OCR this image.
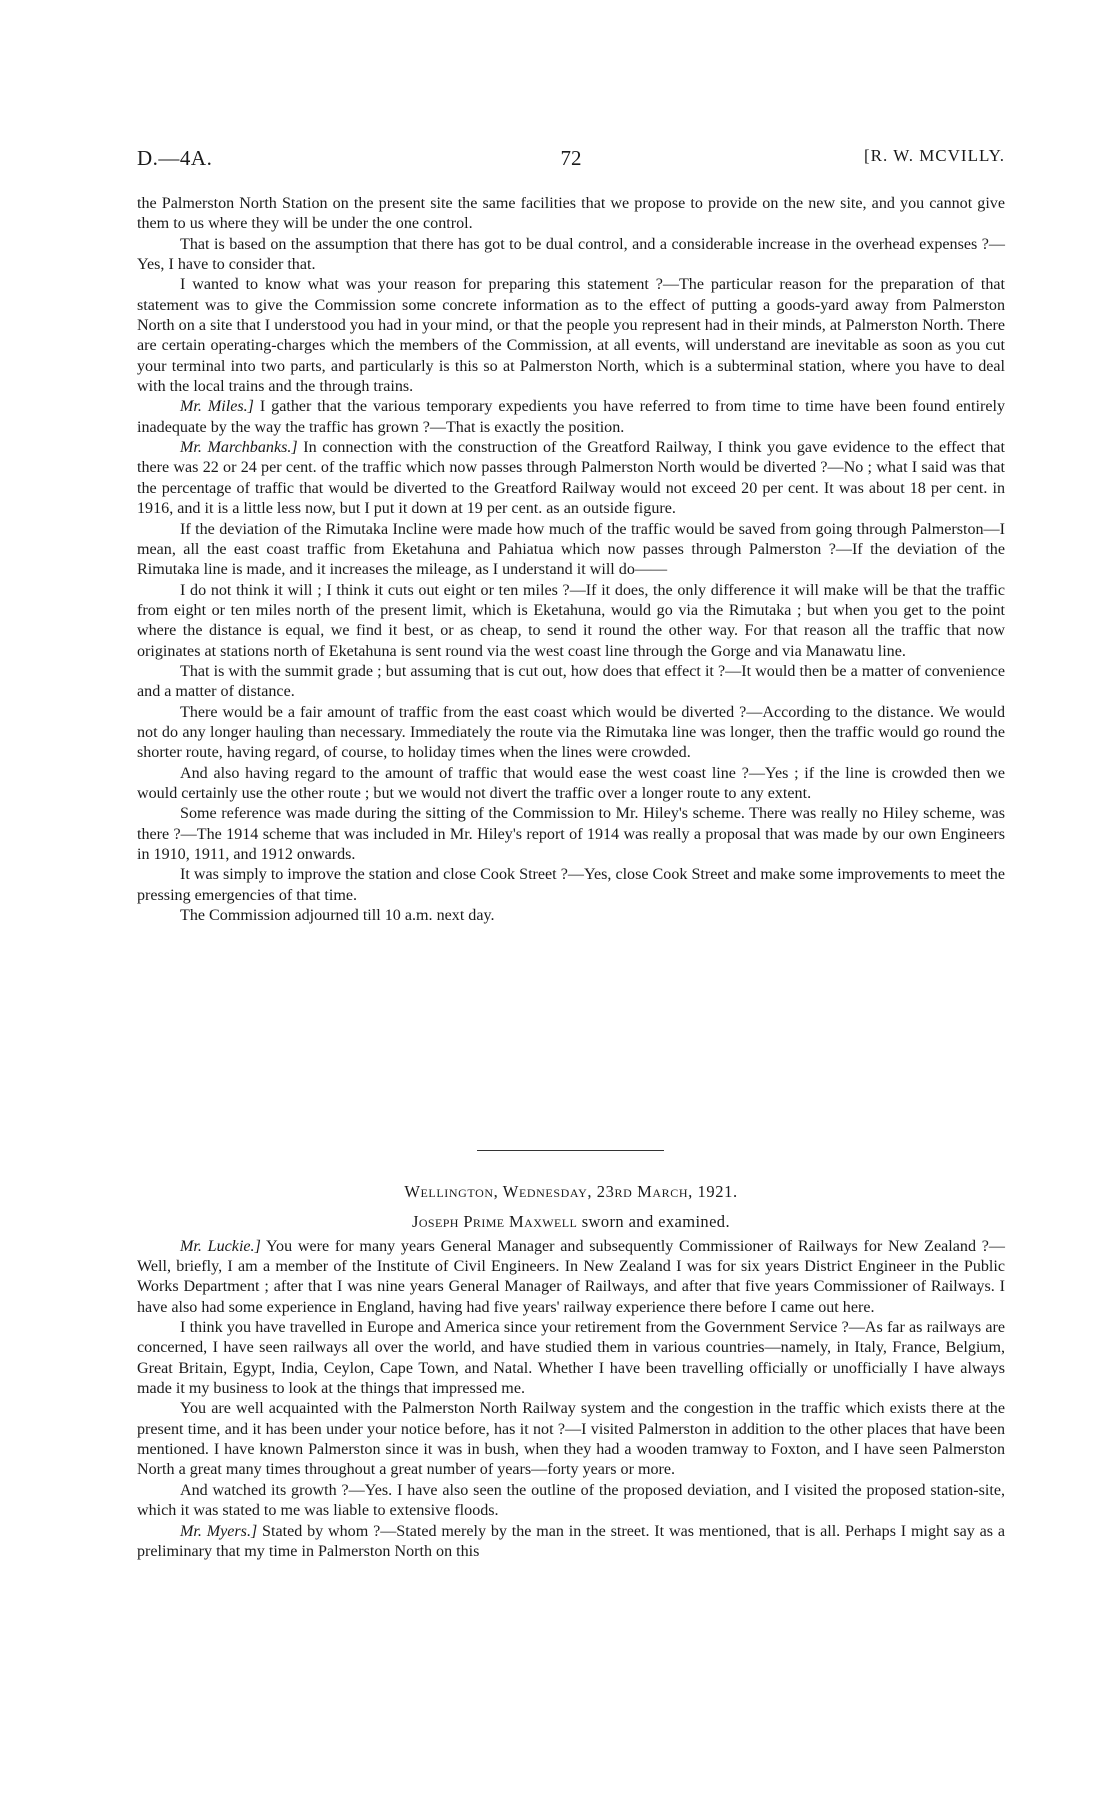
D.—4A.	72	[R. W. MCVILLY.

the Palmerston North Station on the present site the same facilities that we propose to provide on the new site, and you cannot give them to us where they will be under the one control.

That is based on the assumption that there has got to be dual control, and a considerable increase in the overhead expenses ?—Yes, I have to consider that.

I wanted to know what was your reason for preparing this statement ?—The particular reason for the preparation of that statement was to give the Commission some concrete information as to the effect of putting a goods-yard away from Palmerston North on a site that I understood you had in your mind, or that the people you represent had in their minds, at Palmerston North. There are certain operating-charges which the members of the Commission, at all events, will understand are inevitable as soon as you cut your terminal into two parts, and particularly is this so at Palmerston North, which is a subterminal station, where you have to deal with the local trains and the through trains.

Mr. Miles.] I gather that the various temporary expedients you have referred to from time to time have been found entirely inadequate by the way the traffic has grown ?—That is exactly the position.

Mr. Marchbanks.] In connection with the construction of the Greatford Railway, I think you gave evidence to the effect that there was 22 or 24 per cent. of the traffic which now passes through Palmerston North would be diverted ?—No ; what I said was that the percentage of traffic that would be diverted to the Greatford Railway would not exceed 20 per cent. It was about 18 per cent. in 1916, and it is a little less now, but I put it down at 19 per cent. as an outside figure.

If the deviation of the Rimutaka Incline were made how much of the traffic would be saved from going through Palmerston—I mean, all the east coast traffic from Eketahuna and Pahiatua which now passes through Palmerston ?—If the deviation of the Rimutaka line is made, and it increases the mileage, as I understand it will do——

I do not think it will ; I think it cuts out eight or ten miles ?—If it does, the only difference it will make will be that the traffic from eight or ten miles north of the present limit, which is Eketahuna, would go via the Rimutaka ; but when you get to the point where the distance is equal, we find it best, or as cheap, to send it round the other way. For that reason all the traffic that now originates at stations north of Eketahuna is sent round via the west coast line through the Gorge and via Manawatu line.

That is with the summit grade ; but assuming that is cut out, how does that effect it ?—It would then be a matter of convenience and a matter of distance.

There would be a fair amount of traffic from the east coast which would be diverted ?—According to the distance. We would not do any longer hauling than necessary. Immediately the route via the Rimutaka line was longer, then the traffic would go round the shorter route, having regard, of course, to holiday times when the lines were crowded.

And also having regard to the amount of traffic that would ease the west coast line ?—Yes ; if the line is crowded then we would certainly use the other route ; but we would not divert the traffic over a longer route to any extent.

Some reference was made during the sitting of the Commission to Mr. Hiley's scheme. There was really no Hiley scheme, was there ?—The 1914 scheme that was included in Mr. Hiley's report of 1914 was really a proposal that was made by our own Engineers in 1910, 1911, and 1912 onwards.

It was simply to improve the station and close Cook Street ?—Yes, close Cook Street and make some improvements to meet the pressing emergencies of that time.

The Commission adjourned till 10 a.m. next day.

Wellington, Wednesday, 23rd March, 1921.
Joseph Prime Maxwell sworn and examined.

Mr. Luckie.] You were for many years General Manager and subsequently Commissioner of Railways for New Zealand ?—Well, briefly, I am a member of the Institute of Civil Engineers. In New Zealand I was for six years District Engineer in the Public Works Department ; after that I was nine years General Manager of Railways, and after that five years Commissioner of Railways. I have also had some experience in England, having had five years' railway experience there before I came out here.

I think you have travelled in Europe and America since your retirement from the Government Service ?—As far as railways are concerned, I have seen railways all over the world, and have studied them in various countries—namely, in Italy, France, Belgium, Great Britain, Egypt, India, Ceylon, Cape Town, and Natal. Whether I have been travelling officially or unofficially I have always made it my business to look at the things that impressed me.

You are well acquainted with the Palmerston North Railway system and the congestion in the traffic which exists there at the present time, and it has been under your notice before, has it not ?—I visited Palmerston in addition to the other places that have been mentioned. I have known Palmerston since it was in bush, when they had a wooden tramway to Foxton, and I have seen Palmerston North a great many times throughout a great number of years—forty years or more.

And watched its growth ?—Yes. I have also seen the outline of the proposed deviation, and I visited the proposed station-site, which it was stated to me was liable to extensive floods.

Mr. Myers.] Stated by whom ?—Stated merely by the man in the street. It was mentioned, that is all. Perhaps I might say as a preliminary that my time in Palmerston North on this
